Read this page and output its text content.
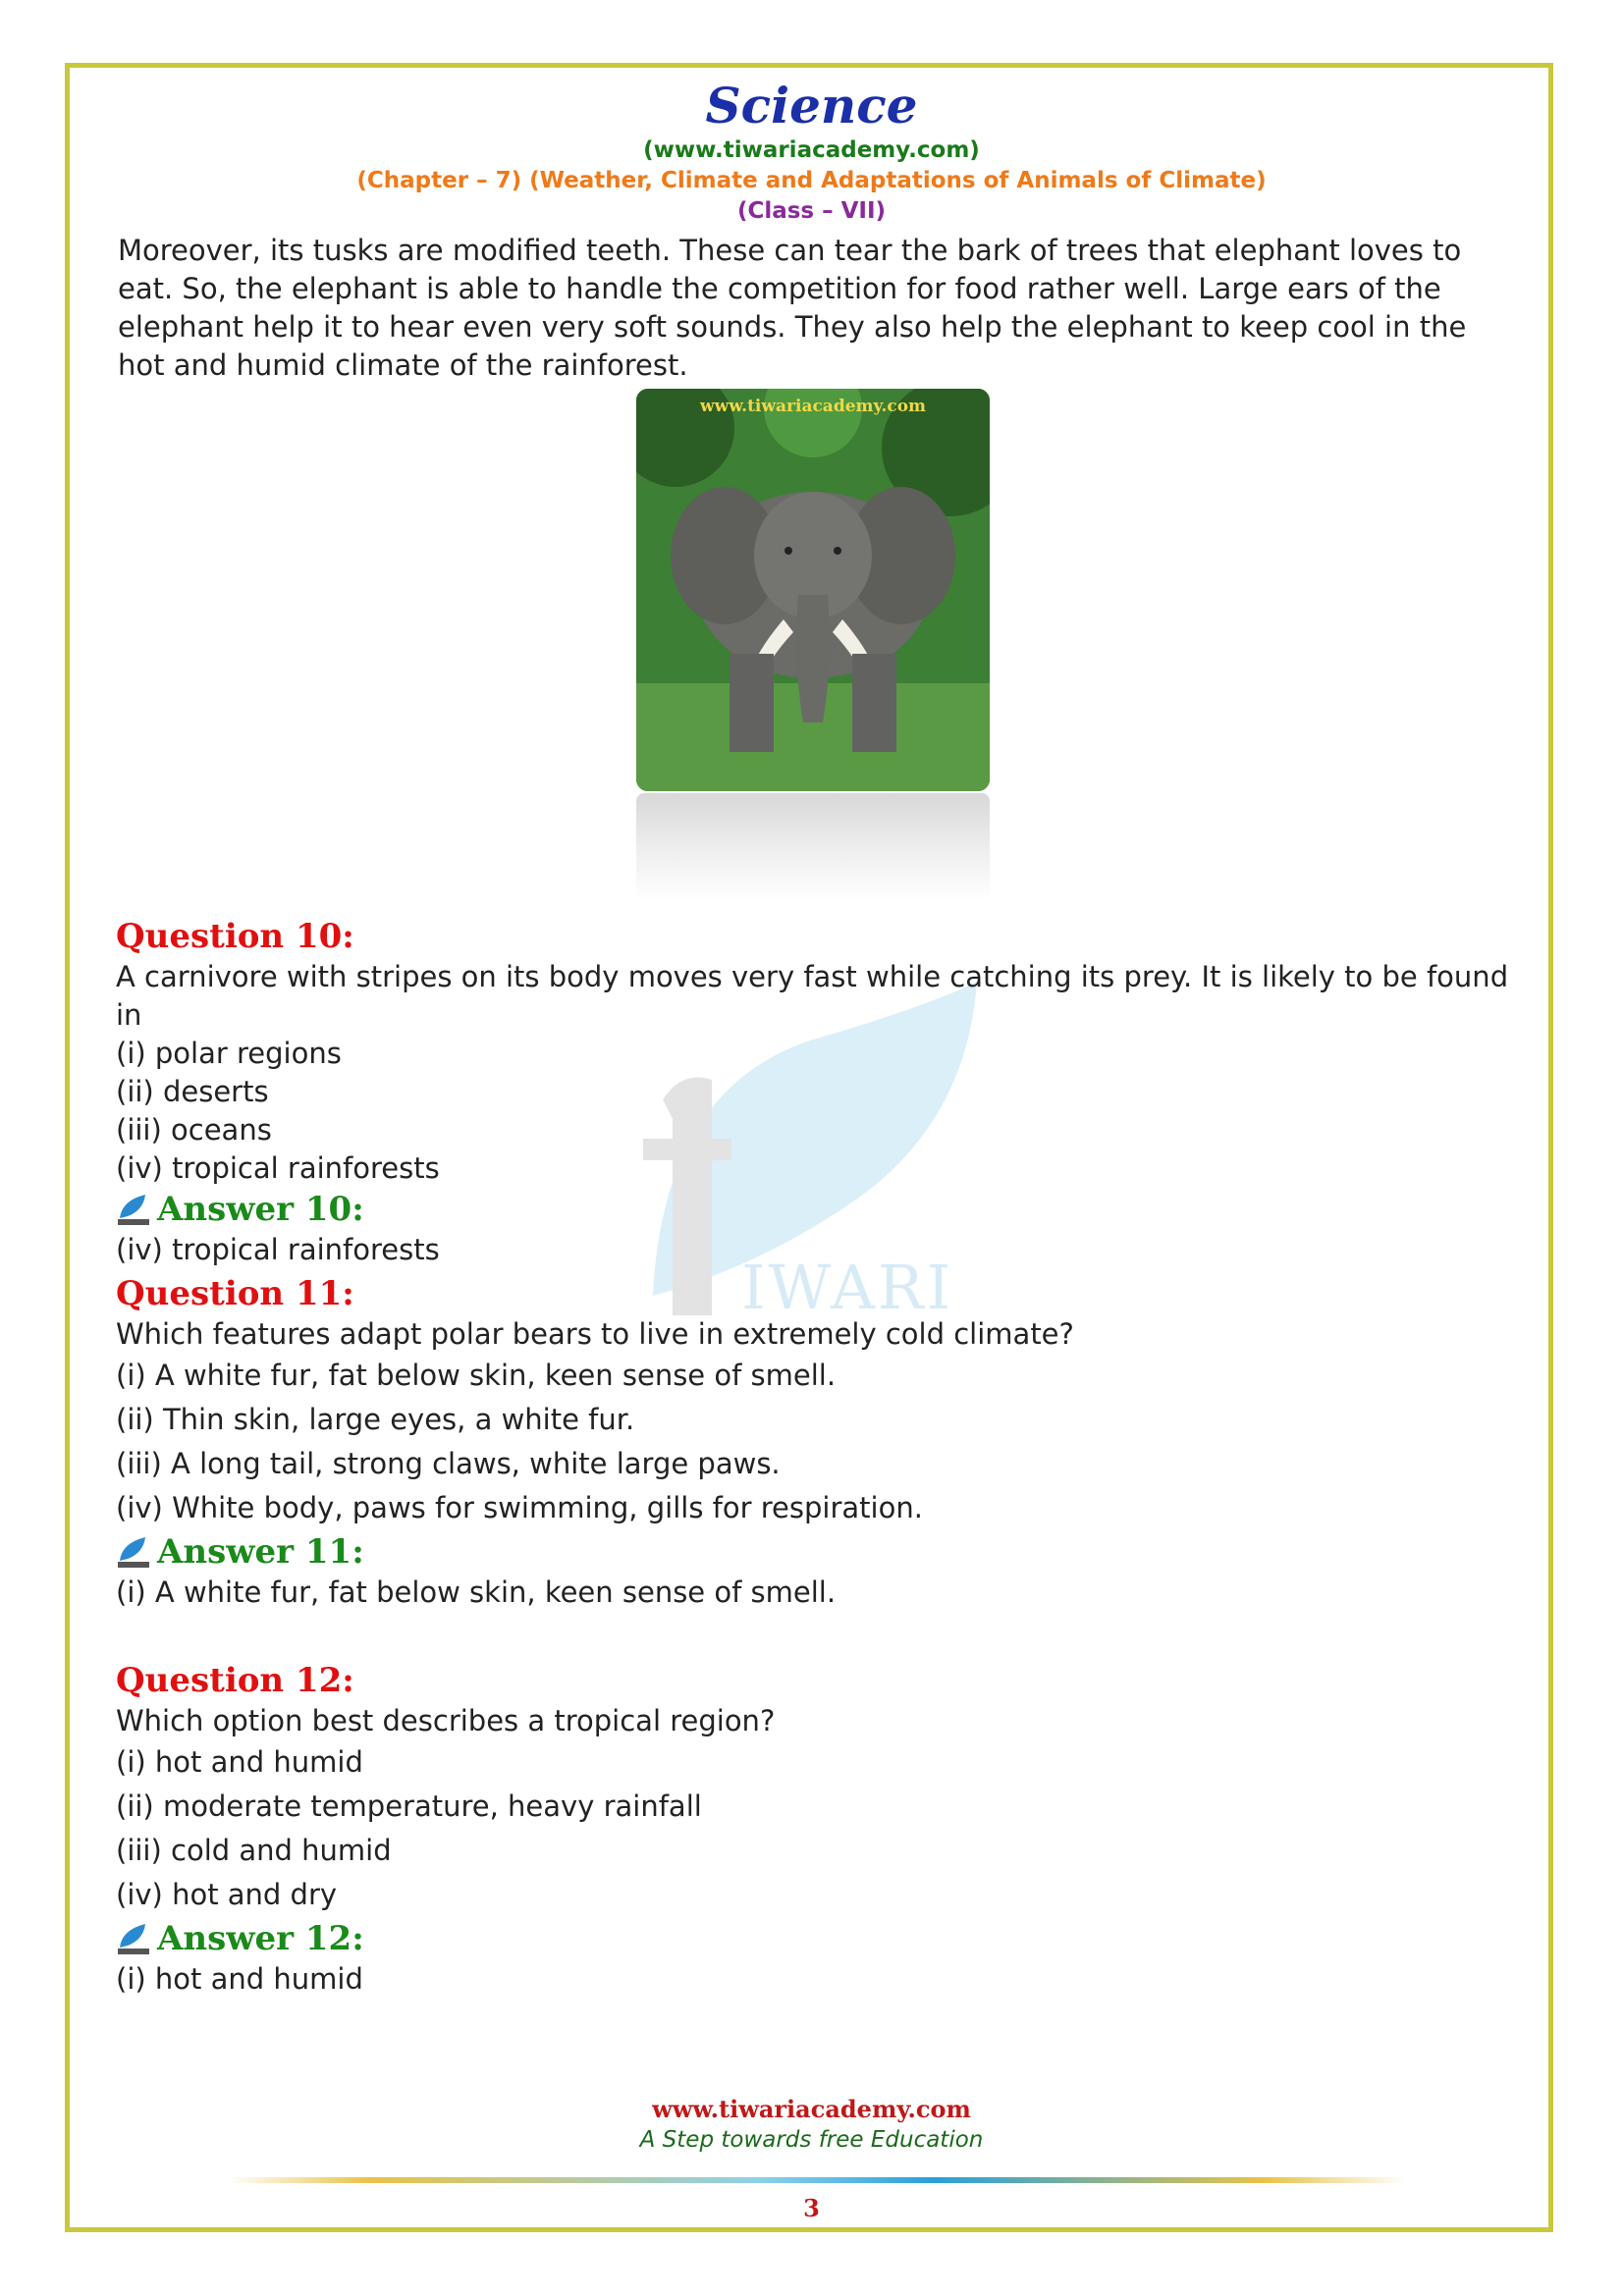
Science
(www.tiwariacademy.com)
(Chapter – 7) (Weather, Climate and Adaptations of Animals of Climate)
(Class – VII)
Moreover, its tusks are modified teeth. These can tear the bark of trees that elephant loves to eat. So, the elephant is able to handle the competition for food rather well. Large ears of the elephant help it to hear even very soft sounds. They also help the elephant to keep cool in the hot and humid climate of the rainforest.
www.tiwariacademy.com
IWARI
Question 10:
A carnivore with stripes on its body moves very fast while catching its prey. It is likely to be found in
(i) polar regions
(ii) deserts
(iii) oceans
(iv) tropical rainforests
Answer 10:
(iv) tropical rainforests
Question 11:
Which features adapt polar bears to live in extremely cold climate?
(i) A white fur, fat below skin, keen sense of smell.
(ii) Thin skin, large eyes, a white fur.
(iii) A long tail, strong claws, white large paws.
(iv) White body, paws for swimming, gills for respiration.
Answer 11:
(i) A white fur, fat below skin, keen sense of smell.
Question 12:
Which option best describes a tropical region?
(i) hot and humid
(ii) moderate temperature, heavy rainfall
(iii) cold and humid
(iv) hot and dry
Answer 12:
(i) hot and humid
www.tiwariacademy.com
A Step towards free Education
3
